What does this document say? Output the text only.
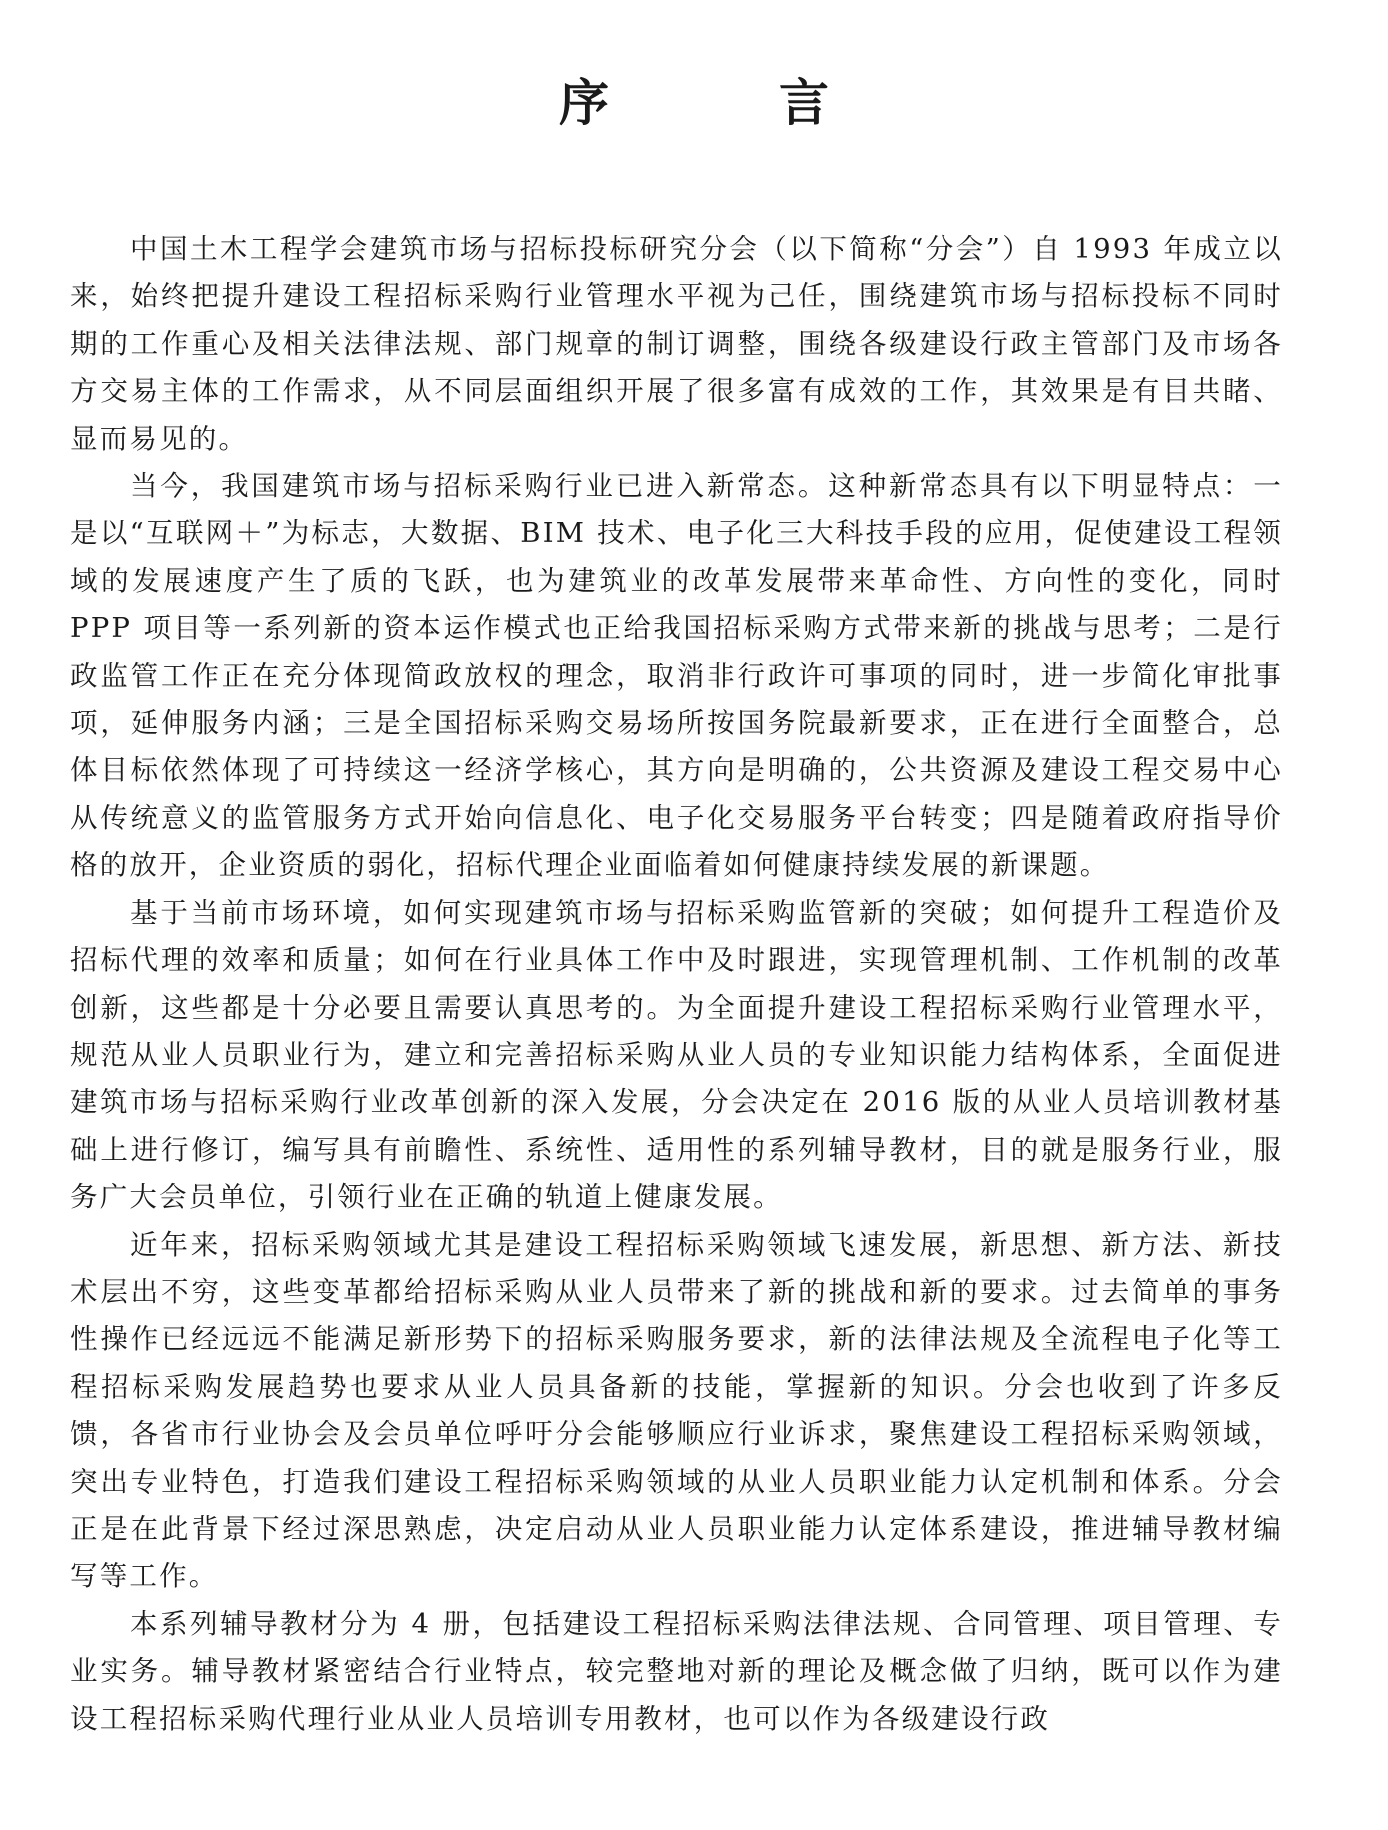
序　言

中国土木工程学会建筑市场与招标投标研究分会（以下简称“分会”）自 1993 年成立以来，始终把提升建设工程招标采购行业管理水平视为己任，围绕建筑市场与招标投标不同时期的工作重心及相关法律法规、部门规章的制订调整，围绕各级建设行政主管部门及市场各方交易主体的工作需求，从不同层面组织开展了很多富有成效的工作，其效果是有目共睹、显而易见的。

当今，我国建筑市场与招标采购行业已进入新常态。这种新常态具有以下明显特点：一是以“互联网＋”为标志，大数据、BIM 技术、电子化三大科技手段的应用，促使建设工程领域的发展速度产生了质的飞跃，也为建筑业的改革发展带来革命性、方向性的变化，同时 PPP 项目等一系列新的资本运作模式也正给我国招标采购方式带来新的挑战与思考；二是行政监管工作正在充分体现简政放权的理念，取消非行政许可事项的同时，进一步简化审批事项，延伸服务内涵；三是全国招标采购交易场所按国务院最新要求，正在进行全面整合，总体目标依然体现了可持续这一经济学核心，其方向是明确的，公共资源及建设工程交易中心从传统意义的监管服务方式开始向信息化、电子化交易服务平台转变；四是随着政府指导价格的放开，企业资质的弱化，招标代理企业面临着如何健康持续发展的新课题。

基于当前市场环境，如何实现建筑市场与招标采购监管新的突破；如何提升工程造价及招标代理的效率和质量；如何在行业具体工作中及时跟进，实现管理机制、工作机制的改革创新，这些都是十分必要且需要认真思考的。为全面提升建设工程招标采购行业管理水平，规范从业人员职业行为，建立和完善招标采购从业人员的专业知识能力结构体系，全面促进建筑市场与招标采购行业改革创新的深入发展，分会决定在 2016 版的从业人员培训教材基础上进行修订，编写具有前瞻性、系统性、适用性的系列辅导教材，目的就是服务行业，服务广大会员单位，引领行业在正确的轨道上健康发展。

近年来，招标采购领域尤其是建设工程招标采购领域飞速发展，新思想、新方法、新技术层出不穷，这些变革都给招标采购从业人员带来了新的挑战和新的要求。过去简单的事务性操作已经远远不能满足新形势下的招标采购服务要求，新的法律法规及全流程电子化等工程招标采购发展趋势也要求从业人员具备新的技能，掌握新的知识。分会也收到了许多反馈，各省市行业协会及会员单位呼吁分会能够顺应行业诉求，聚焦建设工程招标采购领域，突出专业特色，打造我们建设工程招标采购领域的从业人员职业能力认定机制和体系。分会正是在此背景下经过深思熟虑，决定启动从业人员职业能力认定体系建设，推进辅导教材编写等工作。

本系列辅导教材分为 4 册，包括建设工程招标采购法律法规、合同管理、项目管理、专业实务。辅导教材紧密结合行业特点，较完整地对新的理论及概念做了归纳，既可以作为建设工程招标采购代理行业从业人员培训专用教材，也可以作为各级建设行政
